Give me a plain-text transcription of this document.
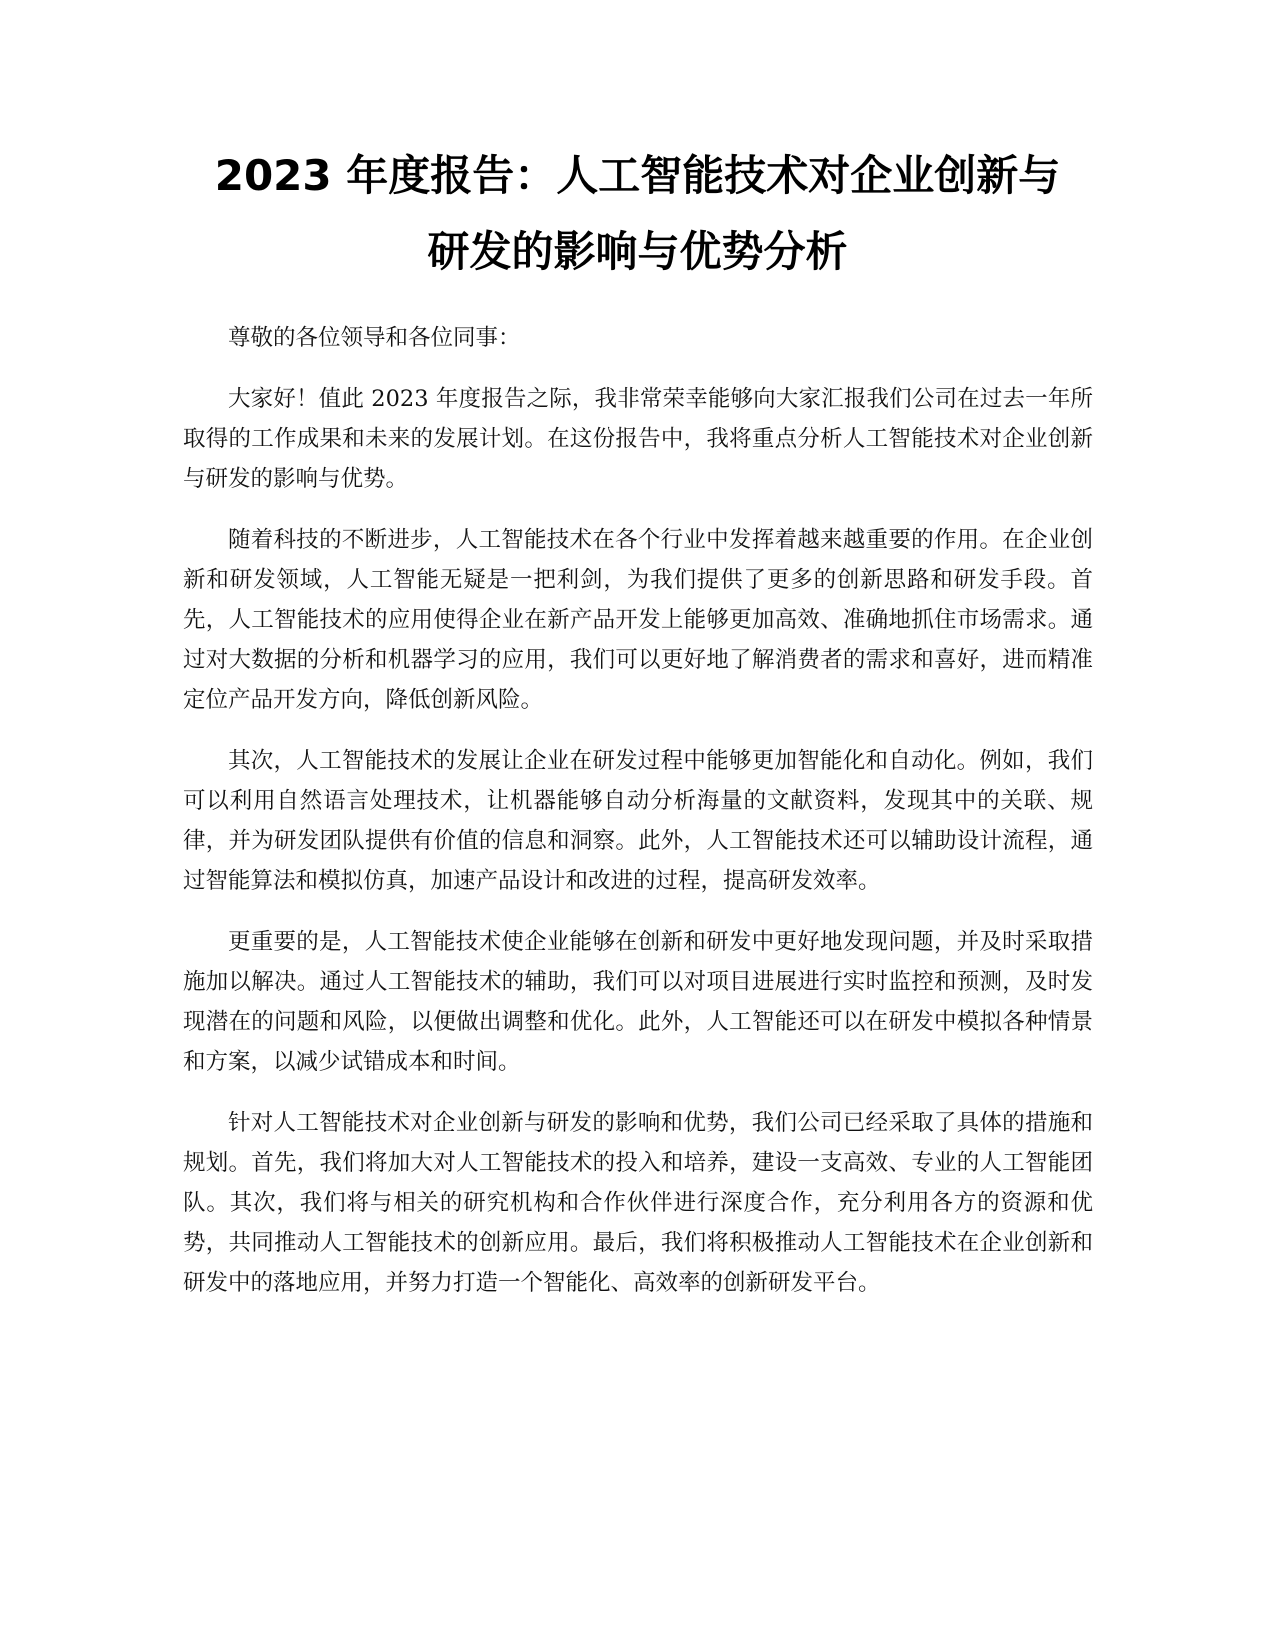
2023 年度报告：人工智能技术对企业创新与
研发的影响与优势分析

尊敬的各位领导和各位同事：

大家好！值此 2023 年度报告之际，我非常荣幸能够向大家汇报我们公司在过去一年所取得的工作成果和未来的发展计划。在这份报告中，我将重点分析人工智能技术对企业创新与研发的影响与优势。

随着科技的不断进步，人工智能技术在各个行业中发挥着越来越重要的作用。在企业创新和研发领域，人工智能无疑是一把利剑，为我们提供了更多的创新思路和研发手段。首先，人工智能技术的应用使得企业在新产品开发上能够更加高效、准确地抓住市场需求。通过对大数据的分析和机器学习的应用，我们可以更好地了解消费者的需求和喜好，进而精准定位产品开发方向，降低创新风险。

其次，人工智能技术的发展让企业在研发过程中能够更加智能化和自动化。例如，我们可以利用自然语言处理技术，让机器能够自动分析海量的文献资料，发现其中的关联、规律，并为研发团队提供有价值的信息和洞察。此外，人工智能技术还可以辅助设计流程，通过智能算法和模拟仿真，加速产品设计和改进的过程，提高研发效率。

更重要的是，人工智能技术使企业能够在创新和研发中更好地发现问题，并及时采取措施加以解决。通过人工智能技术的辅助，我们可以对项目进展进行实时监控和预测，及时发现潜在的问题和风险，以便做出调整和优化。此外，人工智能还可以在研发中模拟各种情景和方案，以减少试错成本和时间。

针对人工智能技术对企业创新与研发的影响和优势，我们公司已经采取了具体的措施和规划。首先，我们将加大对人工智能技术的投入和培养，建设一支高效、专业的人工智能团队。其次，我们将与相关的研究机构和合作伙伴进行深度合作，充分利用各方的资源和优势，共同推动人工智能技术的创新应用。最后，我们将积极推动人工智能技术在企业创新和研发中的落地应用，并努力打造一个智能化、高效率的创新研发平台。
